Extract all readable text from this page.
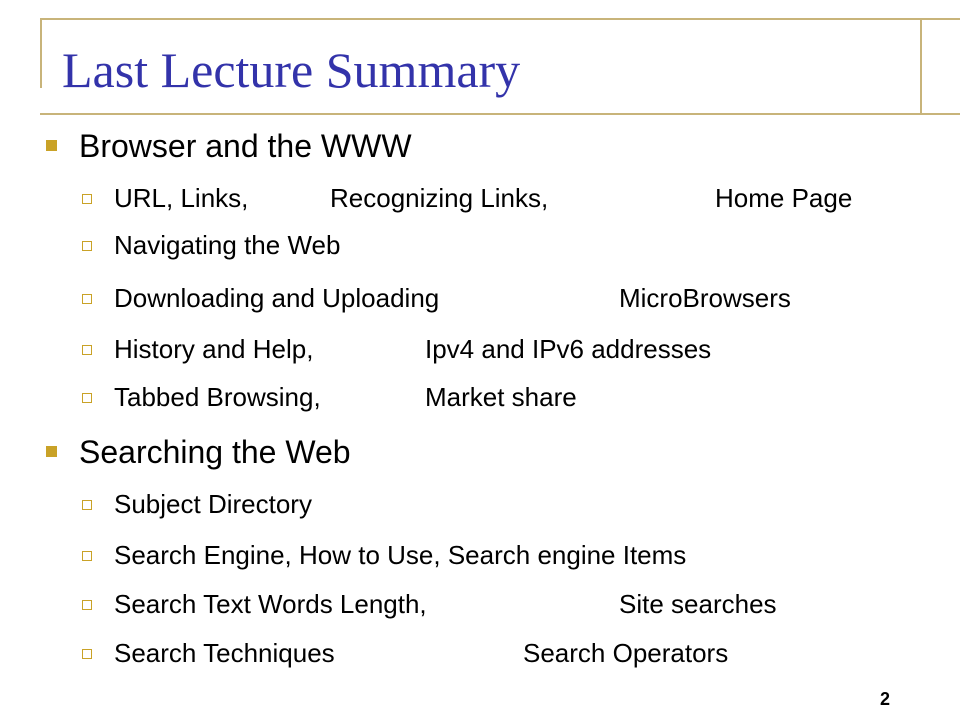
Last Lecture Summary
Browser and the WWW
URL, Links,	Recognizing Links,	Home Page
Navigating the Web
Downloading and Uploading	MicroBrowsers
History and Help,	Ipv4 and IPv6 addresses
Tabbed Browsing,	Market share
Searching the Web
Subject Directory
Search Engine, How to Use, Search engine Items
Search Text Words Length,	Site searches
Search Techniques	Search Operators
2
